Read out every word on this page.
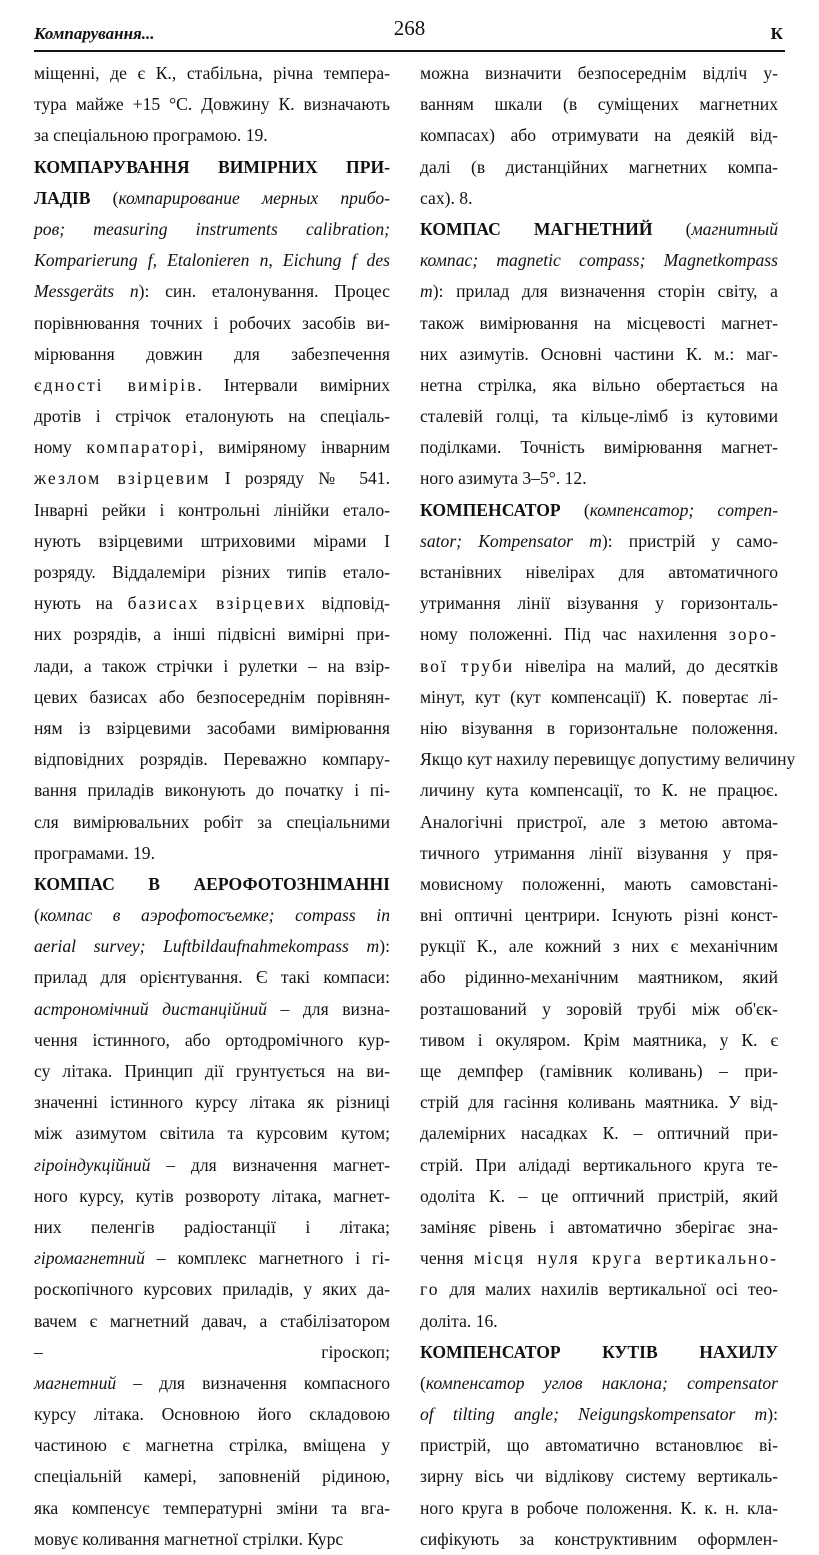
Компарування...	268	К
міщенні, де є К., стабільна, річна темпера-
тура майже +15 °С. Довжину К. визначають
за спеціальною програмою. 19.
КОМПАРУВАННЯ ВИМІРНИХ ПРИ-
ЛАДІВ (компарирование мерных прибо-
ров; measuring instruments calibration;
Komparierung f, Etalonieren n, Eichung f des
Messgeräts n): син. еталонування. Процес
порівнювання точних і робочих засобів ви-
мірювання довжин для забезпечення
єдності вимірів. Інтервали вимірних
дротів і стрічок еталонують на спеціаль-
ному компараторі, виміряному інварним
жезлом взірцевим І розряду № 541.
Інварні рейки і контрольні лінійки етало-
нують взірцевими штриховими мірами І
розряду. Віддалеміри різних типів еталo-
нують на базисах взірцевих відповід-
них розрядів, а інші підвісні вимірні при-
лади, а також стрічки і рулетки – на взір-
цевих базисах або безпосереднім порівнян-
ням із взірцевими засобами вимірювання
відповідних розрядів. Переважно компару-
вання приладів виконують до початку і пі-
сля вимірювальних робіт за спеціальними
програмами. 19.
КОМПАС В АЕРОФОТОЗНІМАННІ
(компас в аэрофотосъемке; compass in
aerial survey; Luftbildaufnahmekompass m):
прилад для орієнтування. Є такі компаси:
астрономічний дистанційний – для визна-
чення істинного, або ортодромічного кур-
су літака. Принцип дії грунтується на ви-
значенні істинного курсу літака як різниці
між азимутом світила та курсовим кутом;
гіроіндукційний – для визначення магнет-
ного курсу, кутів розвороту літака, магнет-
них пеленгів радіостанції і літака;
гіромагнетний – комплекс магнетного і гі-
роскопічного курсових приладів, у яких да-
вачем є магнетний давач, а стабілізатором
– гіроскоп;
магнетний – для визначення компасного
курсу літака. Основною його складовою
частиною є магнетна стрілка, вміщена у
спеціальній камері, заповненій рідиною,
яка компенсує температурні зміни та вга-
мовує коливання магнетної стрілки. Курс
можна визначити безпосереднім відліч у-
ванням шкали (в суміщених магнетних
компасах) або отримувати на деякій від-
далі (в дистанційних магнетних компа-
сах). 8.
КОМПАС МАГНЕТНИЙ (магнитный
компас; magnetic compass; Magnetkompass
m): прилад для визначення сторін світу, а
також вимірювання на місцевості магнет-
них азимутів. Основні частини К. м.: маг-
нетна стрілка, яка вільно обертається на
сталевій голці, та кільце-лімб із кутовими
поділками. Точність вимірювання магнет-
ного азимута 3–5°. 12.
КОМПЕНСАТОР (компенсатор; compen-
sator; Kompensator m): пристрій у само-
встанівних нівелірах для автоматичного
утримання лінії візування у горизонталь-
ному положенні. Під час нахилення зоро-
вої труби нівеліра на малий, до десятків
мінут, кут (кут компенсації) К. повертає лі-
нію візування в горизонтальне положення.
Якщо кут нахилу перевищує допустиму величину
личину кута компенсації, то К. не працює.
Аналогічні пристрої, але з метою автома-
тичного утримання лінії візування у пря-
мовисному положенні, мають самовстані-
вні оптичні центрири. Існують різні конст-
рукції К., але кожний з них є механічним
або рідинно-механічним маятником, який
розташований у зоровій трубі між об'єк-
тивом і окуляром. Крім маятника, у К. є
ще демпфер (гамівник коливань) – при-
стрій для гасіння коливань маятника. У від-
далемірних насадках К. – оптичний при-
стрій. При алідаді вертикального круга те-
одоліта К. – це оптичний пристрій, який
заміняє рівень і автоматично зберігає зна-
чення місця нуля круга вертикально-
го для малих нахилів вертикальної осі тео-
доліта. 16.
КОМПЕНСАТОР КУТІВ НАХИЛУ
(компенсатор углов наклона; compensator
of tilting angle; Neigungskompensator m):
пристрій, що автоматично встановлює ві-
зирну вісь чи відлікову систему вертикаль-
ного круга в робоче положення. К. к. н. кла-
сифікують за конструктивним оформлен-
